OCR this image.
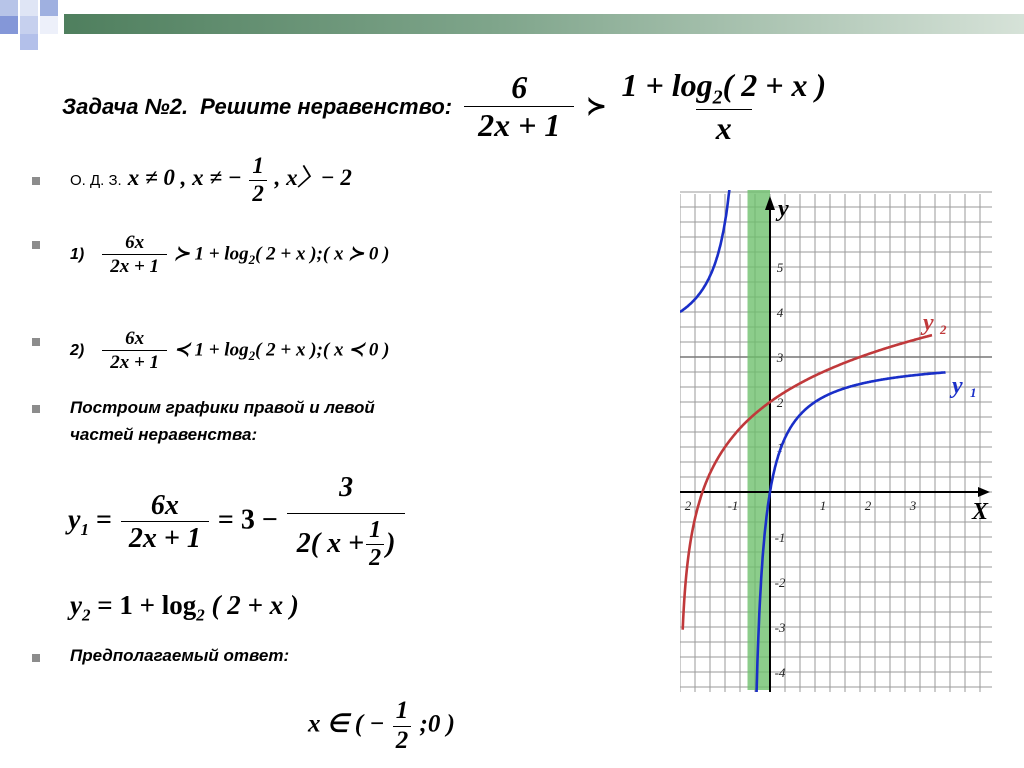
Задача №2. Решите неравенство: $\frac{6}{2x + 1}$ ≻ $\frac{1 + \log_2( 2 + x )}{x}$
О. Д. З. x ≠ 0 , x ≠ − $\frac{1}{2}$ , x〉− 2
$1) \frac{6x}{2x + 1}$ ≻ $1 + \log_2$( 2 + x );( x ≻ 0 )
$2) \frac{6x}{2x + 1}$ ≺ $1 + \log_2$( 2 + x );( x ≺ 0 )
Построим графики правой и левой
частей неравенства:
$y_1 = \frac{6x}{2x + 1} = 3 - \frac{3}{2( x + \frac{1}{2} )}$
$y_2 = 1 + \log_2$ ( 2 + x )
Предполагаемый ответ:
x ∈ ( − $\frac{1}{2}$ ;0 )
2	-1	1	2	3
5
4
3
2
1
-1
-2
-3
-4
y
X
y 2
y 1
